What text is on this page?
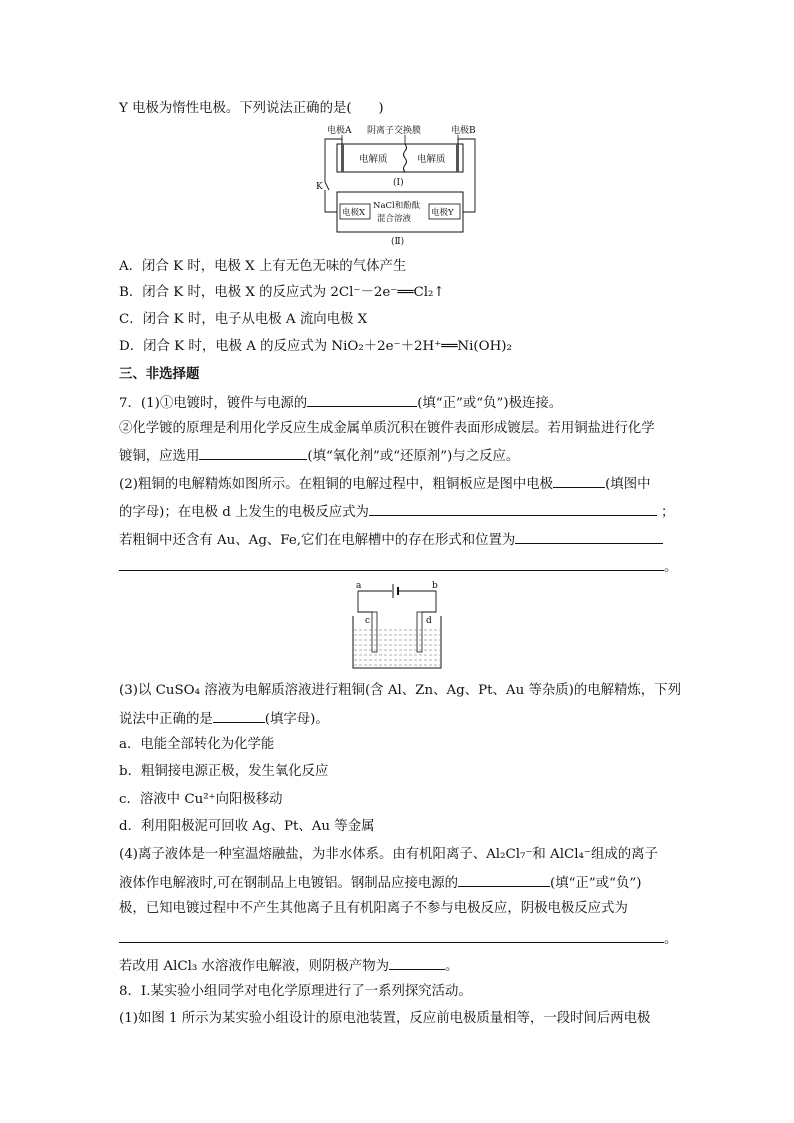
Y 电极为惰性电极。下列说法正确的是(　　)
电极A 阴离子交换膜	电极B
电解质	电解质
(Ⅰ)
K
电极X	电极Y
NaCl和酚酞
混合溶液
(Ⅱ)
A．闭合 K 时，电极 X 上有无色无味的气体产生
B．闭合 K 时，电极 X 的反应式为 2Cl⁻－2e⁻══Cl₂↑
C．闭合 K 时，电子从电极 A 流向电极 X
D．闭合 K 时，电极 A 的反应式为 NiO₂＋2e⁻＋2H⁺══Ni(OH)₂
三、非选择题
7．(1)①电镀时，镀件与电源的	(填“正”或“负”)极连接。
②化学镀的原理是利用化学反应生成金属单质沉积在镀件表面形成镀层。若用铜盐进行化学
镀铜，应选用	(填“氧化剂”或“还原剂”)与之反应。
(2)粗铜的电解精炼如图所示。在粗铜的电解过程中，粗铜板应是图中电极	(填图中
的字母)；在电极 d 上发生的电极反应式为	；
若粗铜中还含有 Au、Ag、Fe,它们在电解槽中的存在形式和位置为
。
a	b
c	d
(3)以 CuSO₄ 溶液为电解质溶液进行粗铜(含 Al、Zn、Ag、Pt、Au 等杂质)的电解精炼，下列
说法中正确的是	(填字母)。
a．电能全部转化为化学能
b．粗铜接电源正极，发生氧化反应
c．溶液中 Cu²⁺向阳极移动
d．利用阳极泥可回收 Ag、Pt、Au 等金属
(4)离子液体是一种室温熔融盐，为非水体系。由有机阳离子、Al₂Cl₇⁻和 AlCl₄⁻组成的离子
液体作电解液时,可在钢制品上电镀铝。钢制品应接电源的	(填“正”或“负”)
极，已知电镀过程中不产生其他离子且有机阳离子不参与电极反应，阴极电极反应式为
。
若改用 AlCl₃ 水溶液作电解液，则阴极产物为	。
8．Ⅰ.某实验小组同学对电化学原理进行了一系列探究活动。
(1)如图 1 所示为某实验小组设计的原电池装置，反应前电极质量相等，一段时间后两电极
